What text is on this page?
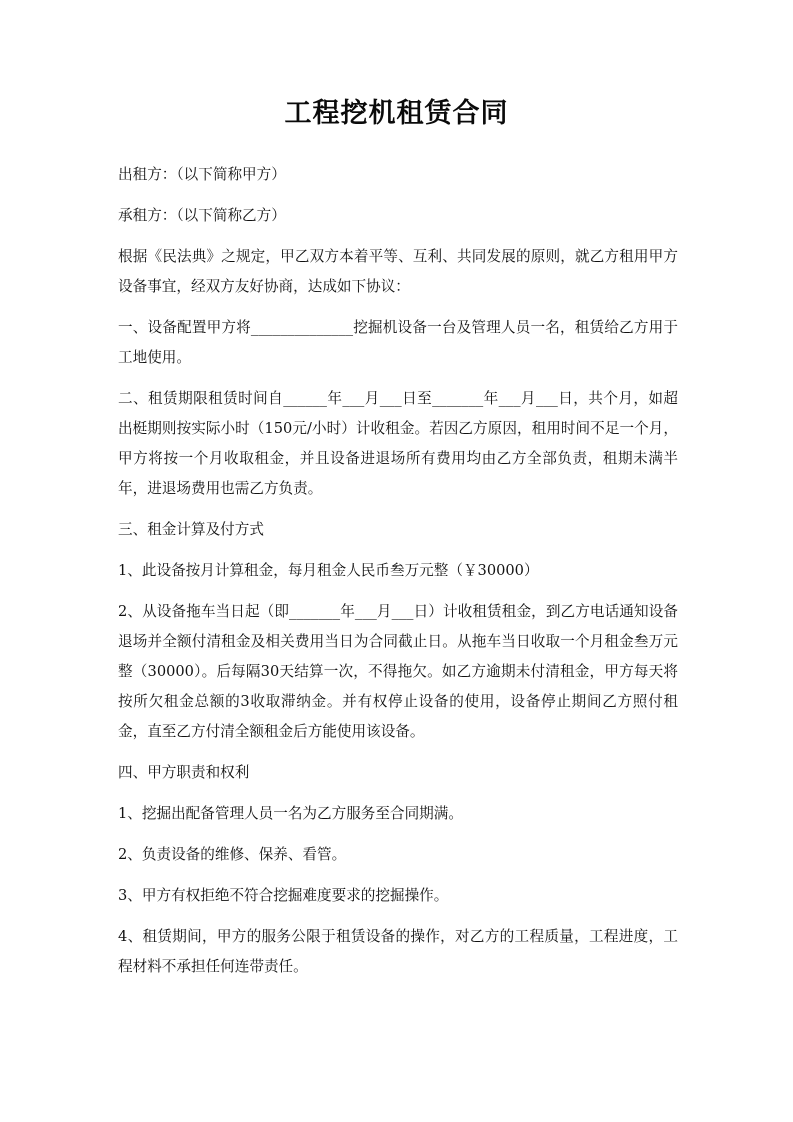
工程挖机租赁合同

出租方：（以下简称甲方）

承租方：（以下简称乙方）

根据《民法典》之规定，甲乙双方本着平等、互利、共同发展的原则，就乙方租用甲方设备事宜，经双方友好协商，达成如下协议：

一、设备配置甲方将______________挖掘机设备一台及管理人员一名，租赁给乙方用于工地使用。

二、租赁期限租赁时间自______年___月___日至_______年___月___日，共个月，如超出梃期则按实际小时（150元/小时）计收租金。若因乙方原因，租用时间不足一个月，甲方将按一个月收取租金，并且设备进退场所有费用均由乙方全部负责，租期未满半年，进退场费用也需乙方负责。

三、租金计算及付方式

1、此设备按月计算租金，每月租金人民币叁万元整（￥30000）

2、从设备拖车当日起（即_______年___月___日）计收租赁租金，到乙方电话通知设备退场并全额付清租金及相关费用当日为合同截止日。从拖车当日收取一个月租金叁万元整（30000）。后每隔30天结算一次，不得拖欠。如乙方逾期未付清租金，甲方每天将按所欠租金总额的3收取滞纳金。并有权停止设备的使用，设备停止期间乙方照付租金，直至乙方付清全额租金后方能使用该设备。

四、甲方职责和权利

1、挖掘出配备管理人员一名为乙方服务至合同期满。

2、负责设备的维修、保养、看管。

3、甲方有权拒绝不符合挖掘难度要求的挖掘操作。

4、租赁期间，甲方的服务公限于租赁设备的操作，对乙方的工程质量，工程进度，工程材料不承担任何连带责任。
